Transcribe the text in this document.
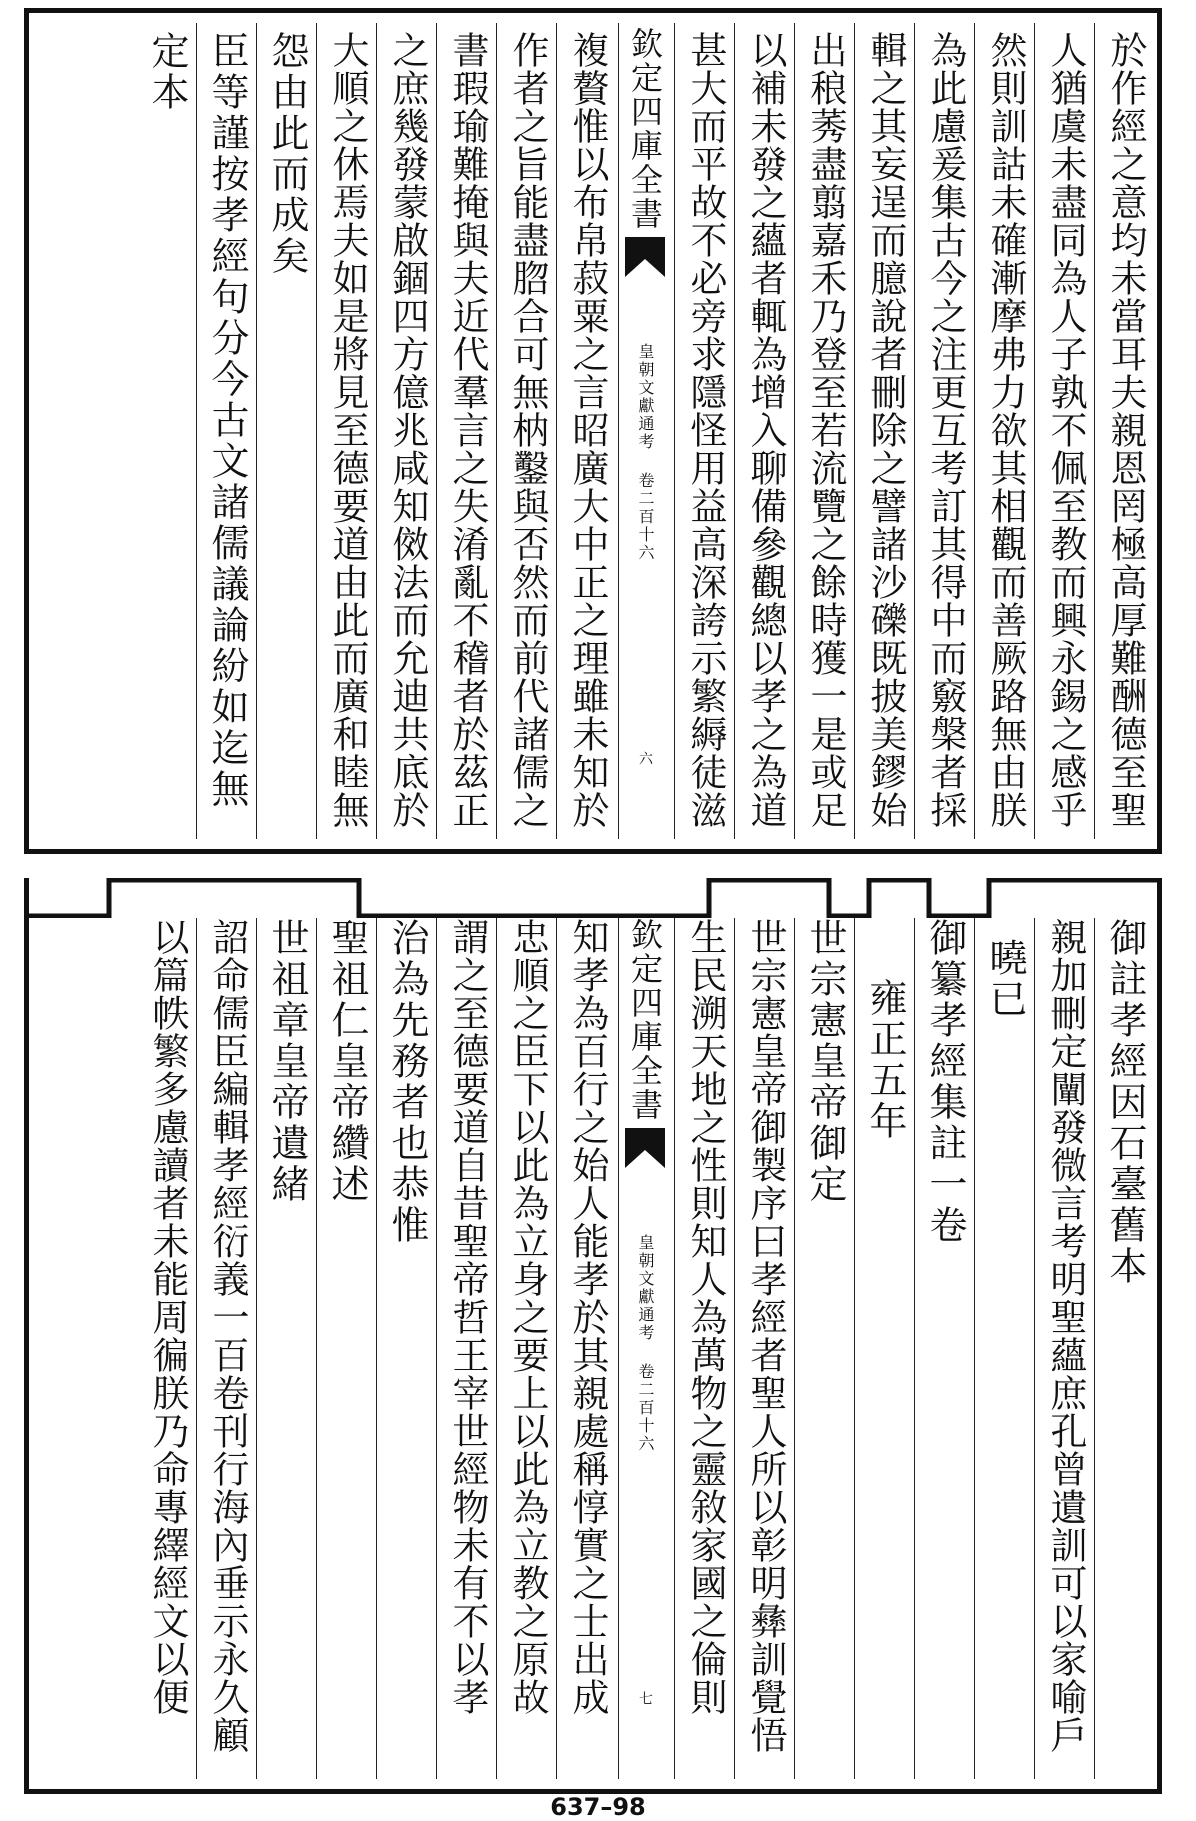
於作經之意均未當耳夫親恩罔極高厚難酬德至聖
人猶虞未盡同為人子孰不佩至教而興永錫之感乎
然則訓詁未確漸摩弗力欲其相觀而善厥路無由朕
為此慮爰集古今之注更互考訂其得中而竅槃者採
輯之其妄逞而臆說者刪除之譬諸沙礫既披美鏐始
出稂莠盡翦嘉禾乃登至若流覽之餘時獲一是或足
以補未發之蘊者輒為增入聊備參觀總以孝之為道
甚大而平故不必旁求隱怪用益高深誇示繁縟徒滋
欽定四庫全書
皇朝文獻通考 卷二百十六
六
複贅惟以布帛菽粟之言昭廣大中正之理雖未知於
作者之旨能盡脗合可無枘鑿與否然而前代諸儒之
書瑕瑜難掩與夫近代羣言之失淆亂不稽者於茲正
之庶幾發蒙啟錮四方億兆咸知傚法而允迪共底於
大順之休焉夫如是將見至德要道由此而廣和睦無
怨由此而成矣
臣等謹按孝經句分今古文諸儒議論紛如迄無
定本
御註孝經因石臺舊本
親加刪定闡發微言考明聖蘊庶孔曾遺訓可以家喻戶
曉已
御纂孝經集註一卷
雍正五年
世宗憲皇帝御定
世宗憲皇帝御製序曰孝經者聖人所以彰明彝訓覺悟
生民溯天地之性則知人為萬物之靈敘家國之倫則
欽定四庫全書
皇朝文獻通考 卷二百十六
七
知孝為百行之始人能孝於其親處稱惇實之士出成
忠順之臣下以此為立身之要上以此為立教之原故
謂之至德要道自昔聖帝哲王宰世經物未有不以孝
治為先務者也恭惟
聖祖仁皇帝纘述
世祖章皇帝遺緒
詔命儒臣編輯孝經衍義一百卷刊行海內垂示永久顧
以篇帙繁多慮讀者未能周徧朕乃命專繹經文以便
637–98
